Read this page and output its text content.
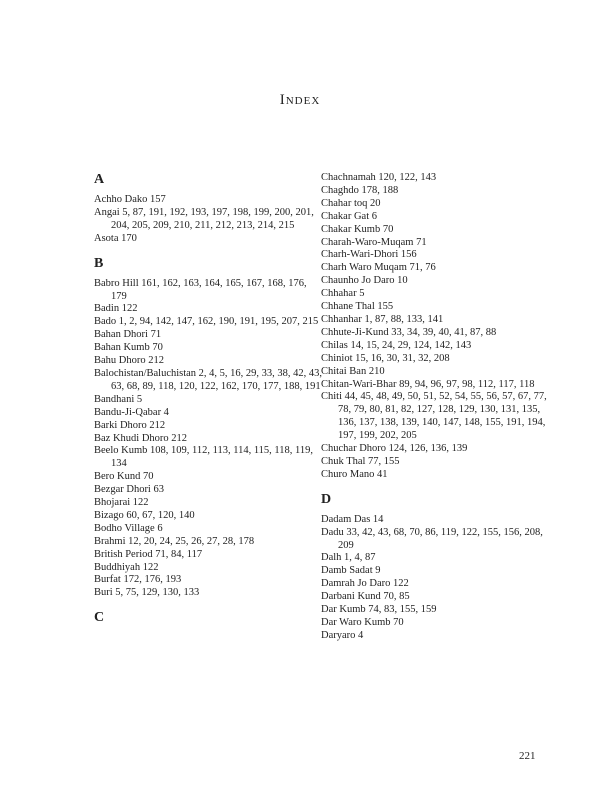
Index
A
Achho Dako 157
Angai 5, 87, 191, 192, 193, 197, 198, 199, 200, 201, 204, 205, 209, 210, 211, 212, 213, 214, 215
Asota 170
B
Babro Hill 161, 162, 163, 164, 165, 167, 168, 176, 179
Badin 122
Bado 1, 2, 94, 142, 147, 162, 190, 191, 195, 207, 215
Bahan Dhori 71
Bahan Kumb 70
Bahu Dhoro 212
Balochistan/Baluchistan 2, 4, 5, 16, 29, 33, 38, 42, 43, 63, 68, 89, 118, 120, 122, 162, 170, 177, 188, 191
Bandhani 5
Bandu-Ji-Qabar 4
Barki Dhoro 212
Baz Khudi Dhoro 212
Beelo Kumb 108, 109, 112, 113, 114, 115, 118, 119, 134
Bero Kund 70
Bezgar Dhori 63
Bhojarai 122
Bizago 60, 67, 120, 140
Bodho Village 6
Brahmi 12, 20, 24, 25, 26, 27, 28, 178
British Period 71, 84, 117
Buddhiyah 122
Burfat 172, 176, 193
Buri 5, 75, 129, 130, 133
C
Chachnamah 120, 122, 143
Chaghdo 178, 188
Chahar toq 20
Chakar Gat 6
Chakar Kumb 70
Charah-Waro-Muqam 71
Charh-Wari-Dhori 156
Charh Waro Muqam 71, 76
Chaunho Jo Daro 10
Chhahar 5
Chhane Thal 155
Chhanhar 1, 87, 88, 133, 141
Chhute-Ji-Kund 33, 34, 39, 40, 41, 87, 88
Chilas 14, 15, 24, 29, 124, 142, 143
Chiniot 15, 16, 30, 31, 32, 208
Chitai Ban 210
Chitan-Wari-Bhar 89, 94, 96, 97, 98, 112, 117, 118
Chiti 44, 45, 48, 49, 50, 51, 52, 54, 55, 56, 57, 67, 77, 78, 79, 80, 81, 82, 127, 128, 129, 130, 131, 135, 136, 137, 138, 139, 140, 147, 148, 155, 191, 194, 197, 199, 202, 205
Chuchar Dhoro 124, 126, 136, 139
Chuk Thal 77, 155
Churo Mano 41
D
Dadam Das 14
Dadu 33, 42, 43, 68, 70, 86, 119, 122, 155, 156, 208, 209
Dalh 1, 4, 87
Damb Sadat 9
Damrah Jo Daro 122
Darbani Kund 70, 85
Dar Kumb 74, 83, 155, 159
Dar Waro Kumb 70
Daryaro 4
221
